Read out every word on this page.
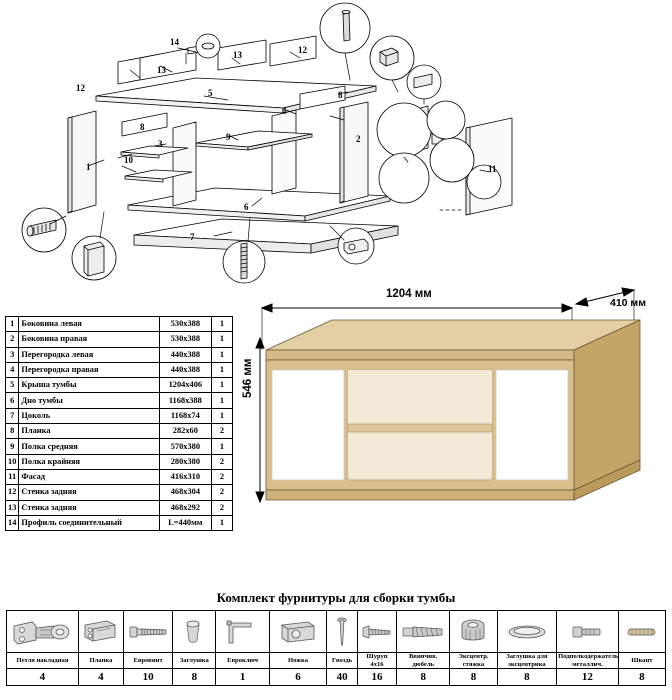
1
2
3
4
5
6
7
8
8
9
10
11
12
12
13
13
14
1	Боковина левая	530х388	1
2	Боковина правая	530х388	1
3	Перегородка левая	440х388	1
4	Перегородка правая	440х388	1
5	Крыша тумбы	1204х406	1
6	Дно тумбы	1168х388	1
7	Цоколь	1168х74	1
8	Планка	282х60	2
9	Полка средняя	570х380	1
10	Полка крайняя	280х380	2
11	Фасад	416х310	2
12	Стенка задняя	468х304	2
13	Стенка задняя	468х292	2
14	Профиль соединительный	L=440мм	1
1204 мм
410 мм
546 мм
Комплект фурнитуры для сборки тумбы

Петля накладная	Планка	Евровинт	Заглушка	Евроключ	Ножка	Гвоздь	Шуруп 4х16	Ввинчив. дюбель	Эксцентр. стяжка	Заглушка для эксцентрика	Подполкодержатель металлич.	Шкант
4	4	10	8	1	6	40	16	8	8	8	12	8
